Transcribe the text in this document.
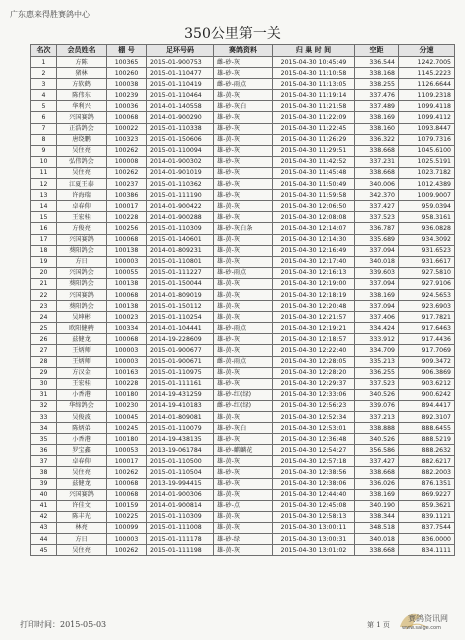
广东惠来得胜赛鸽中心
350公里第一关
名次	会员姓名	棚 号	足环号码	赛鸽资料	归 巢 时 间	空距	分速
1	方陈	100365	2015-01-900753	雌-砂-灰	2015-04-30 10:45:49	336.544	1242.7005
2	猪林	100260	2015-01-110477	雄-砂-灰	2015-04-30 11:10:58	338.168	1145.2223
3	方软鹤	100038	2015-01-110419	雌-砂-雨点	2015-04-30 11:13:05	338.255	1126.6644
4	陈伟东	100239	2015-01-110464	雄-黄-灰	2015-04-30 11:19:14	337.476	1109.2318
5	华利兴	100036	2014-01-140558	雄-砂-灰白	2015-04-30 11:21:58	337.489	1099.4118
6	兴国赛鸽	100068	2014-01-900290	雄-砂-灰	2015-04-30 11:22:09	338.169	1099.4112
7	正浩鸽会	100022	2015-01-110338	雄-砂-灰	2015-04-30 11:22:45	338.160	1093.8447
8	唐绕鹏	100323	2015-01-150606	雄-黄-灰	2015-04-30 11:26:29	336.322	1079.7316
9	吴住亮	100262	2015-01-110094	雄-砂-灰	2015-04-30 11:29:51	338.668	1045.6100
10	弘伟鸽会	100008	2014-01-900302	雄-砂-灰	2015-04-30 11:42:52	337.231	1025.5191
11	吴住亮	100262	2014-01-901019	雄-砂-灰	2015-04-30 11:45:48	338.668	1023.7182
12	江夏王泰	100237	2015-01-110362	雄-砂-灰	2015-04-30 11:50:49	340.006	1012.4389
13	许海瑞	100386	2015-01-111190	雄-砂-灰	2015-04-30 11:59:58	342.370	1009.9007
14	卓春仰	100017	2014-01-900422	雄-黄-灰	2015-04-30 12:06:50	337.427	959.0394
15	王宏桂	100228	2014-01-900288	雄-砂-灰	2015-04-30 12:08:08	337.523	958.3161
16	方俊亮	100256	2015-01-110309	雄-砂-灰白条	2015-04-30 12:14:07	336.787	936.0828
17	兴国赛鸽	100068	2015-01-140601	雄-黄-灰	2015-04-30 12:14:30	335.689	934.3092
18	葵阳鸽会	100138	2014-01-809231	雄-黄-灰	2015-04-30 12:16:49	337.094	931.6523
19	方日	100003	2015-01-110801	雄-黄-灰	2015-04-30 12:17:40	340.018	931.6617
20	兴国鸽会	100055	2015-01-111227	雄-砂-雨点	2015-04-30 12:16:13	339.603	927.5810
21	葵阳鸽会	100138	2015-01-150044	雄-黄-灰	2015-04-30 12:19:00	337.094	927.9106
22	兴国赛鸽	100068	2014-01-809019	雄-黄-灰	2015-04-30 12:18:19	338.169	924.5653
23	葵阳鸽会	100138	2015-01-150112	雄-黄-灰	2015-04-30 12:20:48	337.094	923.6903
24	吴坤彬	100023	2015-01-110254	雄-黄-灰	2015-04-30 12:21:57	337.406	917.7821
25	欧阳健骋	100334	2014-01-104441	雄-砂-雨点	2015-04-30 12:19:21	334.424	917.6463
26	兹健龙	100068	2014-19-228609	雄-砂-灰	2015-04-30 12:18:57	333.912	917.4436
27	王炳师	100003	2015-01-900677	雄-黄-灰	2015-04-30 12:22:40	334.709	917.7069
28	王炳师	100003	2015-01-900671	雌-黄-雨点	2015-04-30 12:28:05	335.213	909.3472
29	方汉金	100163	2015-01-110975	雄-黄-灰	2015-04-30 12:28:20	336.255	906.3869
30	王宏桂	100228	2015-01-111161	雄-砂-灰	2015-04-30 12:29:37	337.523	903.6212
31	小香港	100180	2014-19-431259	雄-砂-红(绿)	2015-04-30 12:33:06	340.526	900.6242
32	华缔鸽会	100230	2014-19-410183	雌-砂-红(绿)	2015-04-30 12:56:23	339.076	894.4417
33	吴俊波	100045	2014-01-809081	雄-黄-灰	2015-04-30 12:52:34	337.213	892.3107
34	陈炳弟	100245	2015-01-110079	雄-砂-灰白	2015-04-30 12:53:01	338.888	888.6455
35	小香港	100180	2014-19-438135	雄-砂-灰	2015-04-30 12:36:48	340.526	888.5219
36	罗宝鑫	100053	2013-19-061784	雄-砂-麒麟花	2015-04-30 12:54:27	356.586	888.2632
37	卓春仰	100017	2015-01-110500	雄-黄-灰	2015-04-30 12:57:18	337.427	882.6217
38	吴住亮	100262	2015-01-110504	雄-砂-灰	2015-04-30 12:38:56	338.668	882.2003
39	兹健龙	100068	2013-19-994415	雄-砂-灰	2015-04-30 12:38:06	336.026	876.1351
40	兴国赛鸽	100068	2014-01-900306	雄-黄-灰	2015-04-30 12:44:40	338.169	869.9227
41	许佳文	100159	2014-01-900814	雄-砂-点	2015-04-30 12:45:08	340.190	859.3621
42	陈丰光	100225	2015-01-110309	雄-黄-灰	2015-04-30 12:58:13	338.344	839.1121
43	林亮	100099	2015-01-111008	雄-黄-灰	2015-04-30 13:00:11	348.518	837.7544
44	方日	100003	2015-01-111178	雄-砂-绿	2015-04-30 13:00:31	340.018	836.0000
45	吴住亮	100262	2015-01-111198	雄-黄-灰	2015-04-30 13:01:02	338.668	834.1111
打印时间：2015-05-03	第 1 页
赛鸽资讯网
www.saige.com
